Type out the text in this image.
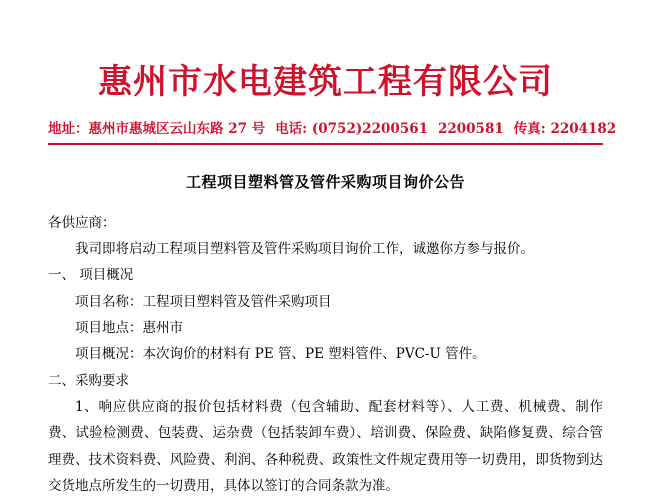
惠州市水电建筑工程有限公司
地址：惠州市惠城区云山东路 27 号 电话: (0752)2200561 2200581 传真: 2204182
工程项目塑料管及管件采购项目询价公告
各供应商：
我司即将启动工程项目塑料管及管件采购项目询价工作，诚邀你方参与报价。
一、 项目概况
项目名称：工程项目塑料管及管件采购项目
项目地点：惠州市
项目概况：本次询价的材料有 PE 管、PE 塑料管件、PVC-U 管件。
二、采购要求
1、响应供应商的报价包括材料费（包含辅助、配套材料等）、人工费、机械费、制作费、试验检测费、包装费、运杂费（包括装卸车费）、培训费、保险费、缺陷修复费、综合管理费、技术资料费、风险费、利润、各种税费、政策性文件规定费用等一切费用，即货物到达交货地点所发生的一切费用，具体以签订的合同条款为准。
